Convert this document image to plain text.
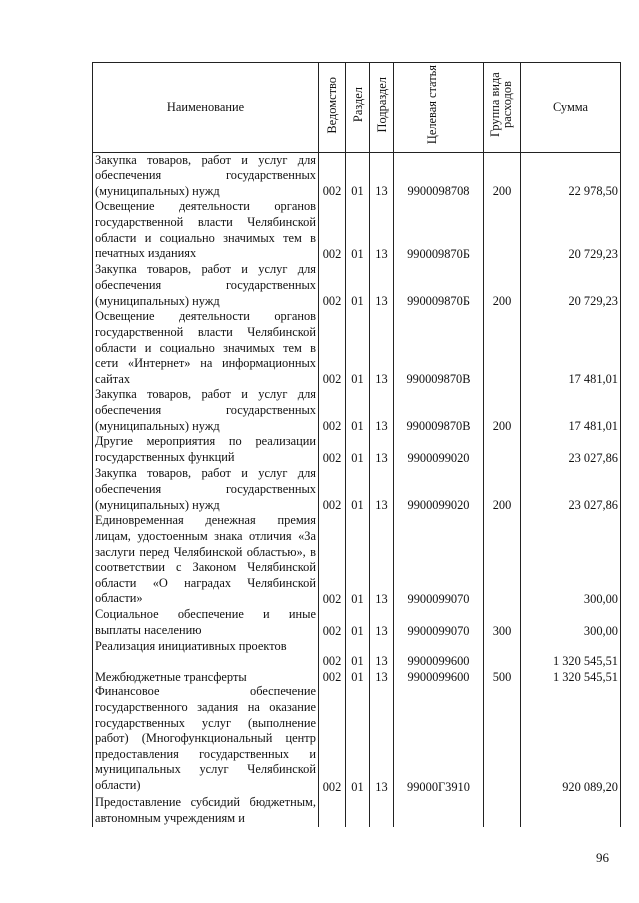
Наименование	Ведомство	Раздел	Подраздел	Целевая статья	Группа вида расходов	Сумма
Закупка товаров, работ и услуг для обеспечения государственных (муниципальных) нужд	002	01	13	9900098708	200	22 978,50
Освещение деятельности органов государственной власти Челябинской области и социально значимых тем в печатных изданиях	002	01	13	990009870Б		20 729,23
Закупка товаров, работ и услуг для обеспечения государственных (муниципальных) нужд	002	01	13	990009870Б	200	20 729,23
Освещение деятельности органов государственной власти Челябинской области и социально значимых тем в сети «Интернет» на информационных сайтах	002	01	13	990009870В		17 481,01
Закупка товаров, работ и услуг для обеспечения государственных (муниципальных) нужд	002	01	13	990009870В	200	17 481,01
Другие мероприятия по реализации государственных функций	002	01	13	9900099020		23 027,86
Закупка товаров, работ и услуг для обеспечения государственных (муниципальных) нужд	002	01	13	9900099020	200	23 027,86
Единовременная денежная премия лицам, удостоенным знака отличия «За заслуги перед Челябинской областью», в соответствии с Законом Челябинской области «О наградах Челябинской области»	002	01	13	9900099070		300,00
Социальное обеспечение и иные выплаты населению	002	01	13	9900099070	300	300,00
Реализация инициативных проектов	002	01	13	9900099600		1 320 545,51
Межбюджетные трансферты	002	01	13	9900099600	500	1 320 545,51
Финансовое обеспечение государственного задания на оказание государственных услуг (выполнение работ) (Многофункциональный центр предоставления государственных и муниципальных услуг Челябинской области)	002	01	13	99000Г3910		920 089,20
Предоставление субсидий бюджетным, автономным учреждениям и						
96
